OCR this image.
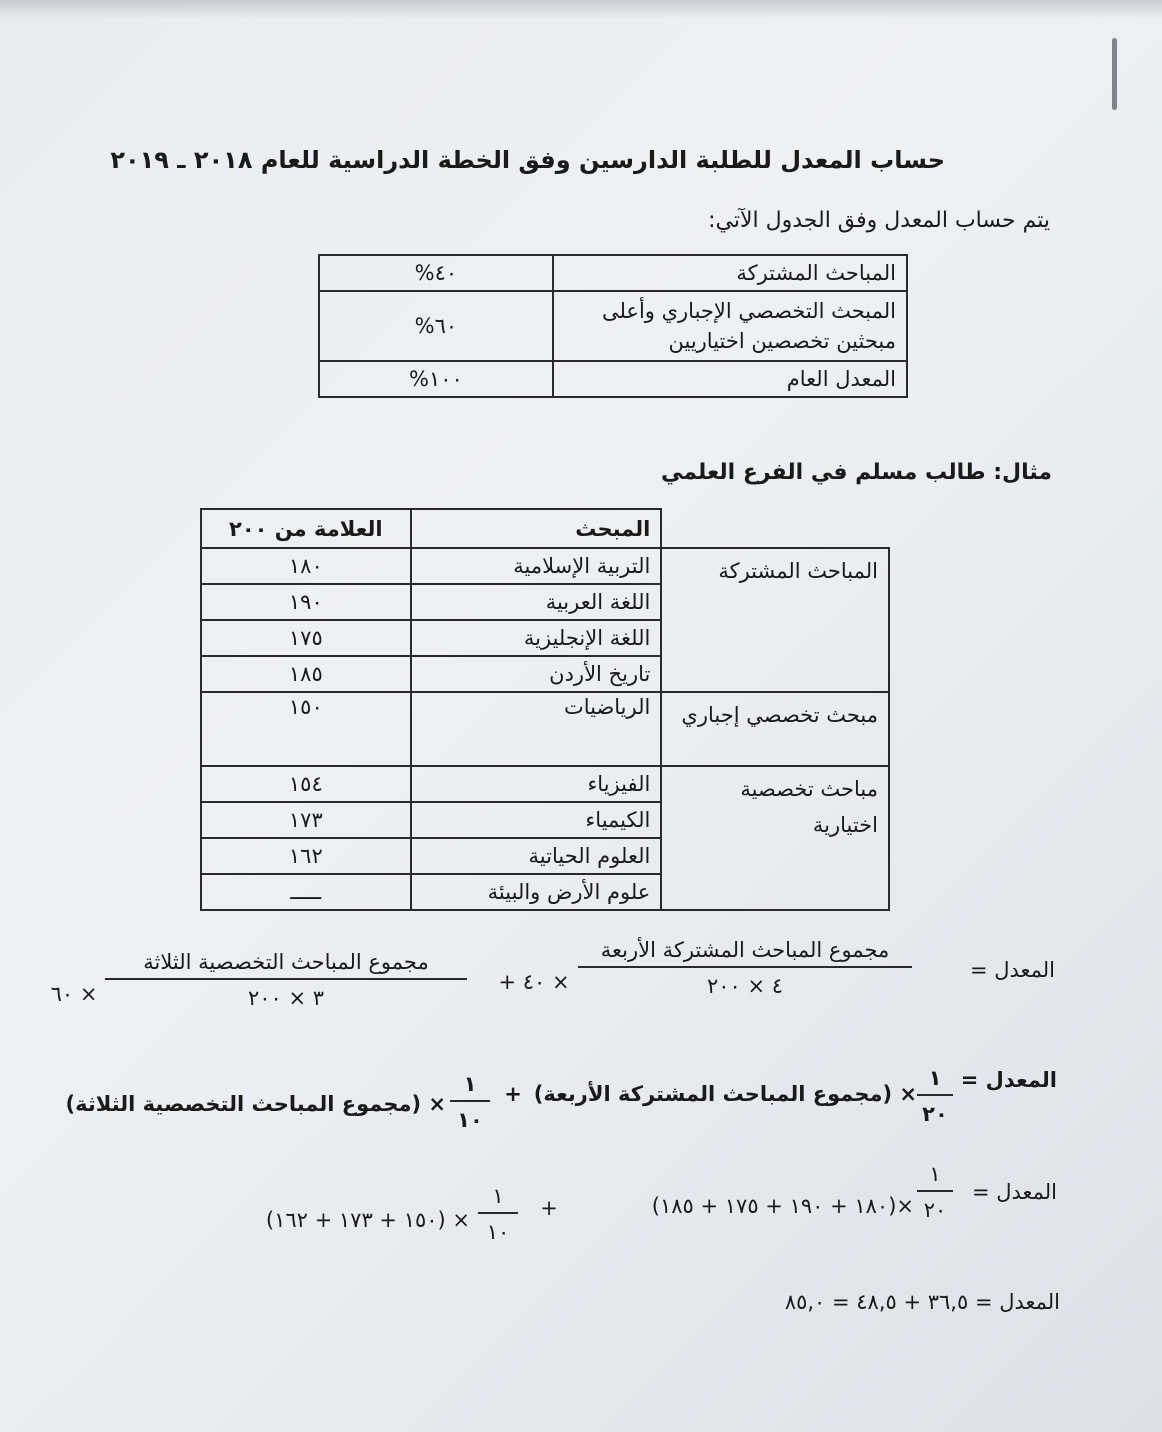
حساب المعدل للطلبة الدارسين وفق الخطة الدراسية للعام ٢٠١٨ ـ ٢٠١٩
يتم حساب المعدل وفق الجدول الآتي:
المباحث المشتركة	٤٠%
المبحث التخصصي الإجباري وأعلى مبحثين تخصصين اختياريين	٦٠%
المعدل العام	١٠٠%
مثال: طالب مسلم في الفرع العلمي
	المبحث	العلامة من ٢٠٠
المباحث المشتركة	التربية الإسلامية	١٨٠
	اللغة العربية	١٩٠
	اللغة الإنجليزية	١٧٥
	تاريخ الأردن	١٨٥
مبحث تخصصي إجباري	الرياضيات	١٥٠
مباحث تخصصية اختيارية	الفيزياء	١٥٤
	الكيمياء	١٧٣
	العلوم الحياتية	١٦٢
	علوم الأرض والبيئة	ـــــ
المعدل =
مجموع المباحث المشتركة الأربعة
٤ × ٢٠٠
× ٤٠ +
مجموع المباحث التخصصية الثلاثة
٣ × ٢٠٠
× ٦٠
المعدل =
١
٢٠
× (مجموع المباحث المشتركة الأربعة)
+
١
١٠
× (مجموع المباحث التخصصية الثلاثة)
المعدل =
١
٢٠
×(١٨٠ + ١٩٠ + ١٧٥ + ١٨٥)
+
١
١٠
× (١٥٠ + ١٧٣ + ١٦٢)
المعدل = ٣٦,٥ + ٤٨,٥ = ٨٥,٠
